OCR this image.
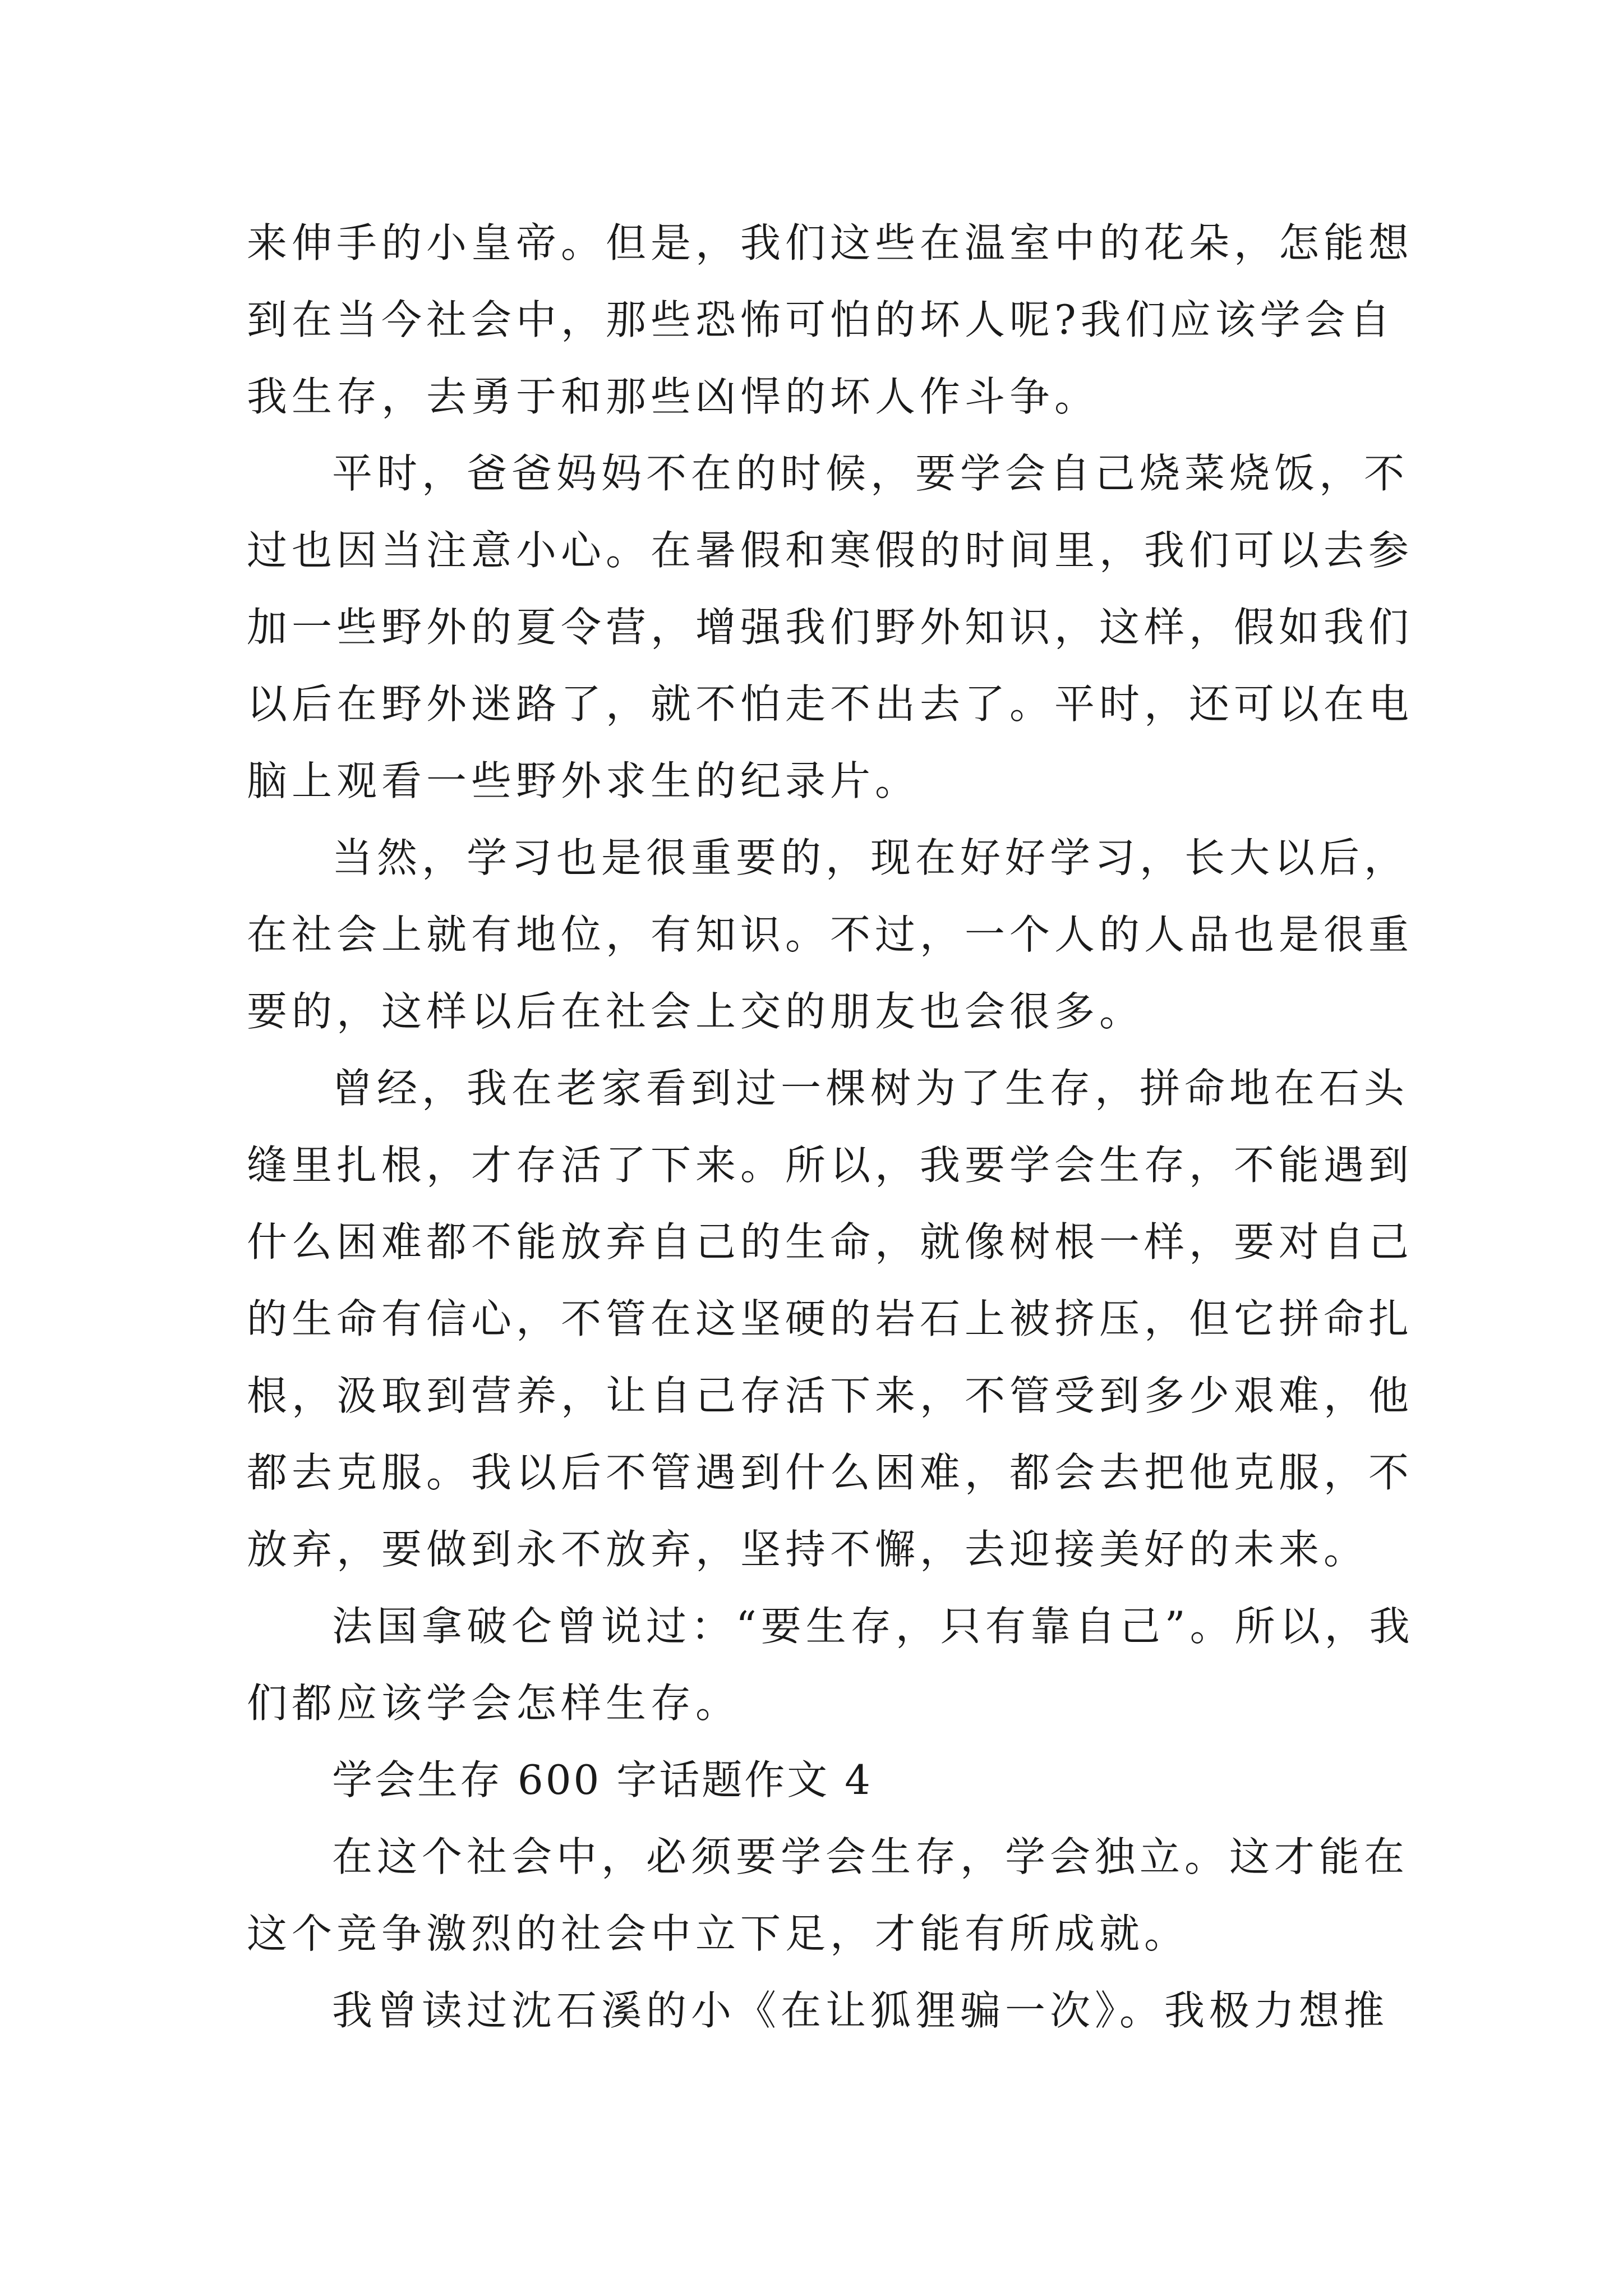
来伸手的小皇帝。但是，我们这些在温室中的花朵，怎能想
到在当今社会中，那些恐怖可怕的坏人呢?我们应该学会自
我生存，去勇于和那些凶悍的坏人作斗争。
平时，爸爸妈妈不在的时候，要学会自己烧菜烧饭，不
过也因当注意小心。在暑假和寒假的时间里，我们可以去参
加一些野外的夏令营，增强我们野外知识，这样，假如我们
以后在野外迷路了，就不怕走不出去了。平时，还可以在电
脑上观看一些野外求生的纪录片。
当然，学习也是很重要的，现在好好学习，长大以后，
在社会上就有地位，有知识。不过，一个人的人品也是很重
要的，这样以后在社会上交的朋友也会很多。
曾经，我在老家看到过一棵树为了生存，拼命地在石头
缝里扎根，才存活了下来。所以，我要学会生存，不能遇到
什么困难都不能放弃自己的生命，就像树根一样，要对自己
的生命有信心，不管在这坚硬的岩石上被挤压，但它拼命扎
根，汲取到营养，让自己存活下来，不管受到多少艰难，他
都去克服。我以后不管遇到什么困难，都会去把他克服，不
放弃，要做到永不放弃，坚持不懈，去迎接美好的未来。
法国拿破仑曾说过：“要生存，只有靠自己”。所以，我
们都应该学会怎样生存。
学会生存 600 字话题作文 4
在这个社会中，必须要学会生存，学会独立。这才能在
这个竞争激烈的社会中立下足，才能有所成就。
我曾读过沈石溪的小《在让狐狸骗一次》。我极力想推
